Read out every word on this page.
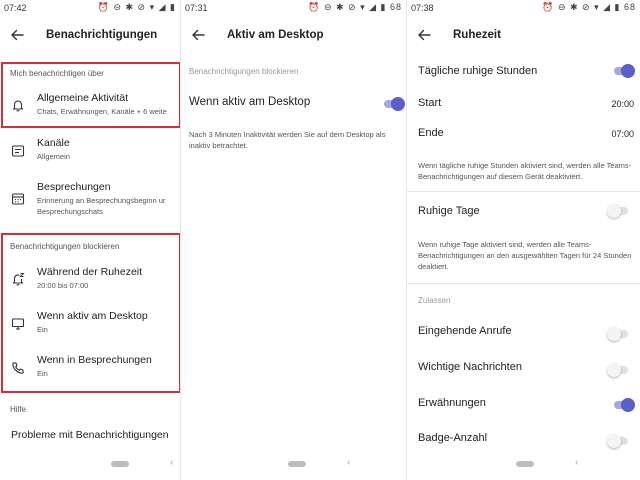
07:42	⏰ ⊖ ✱ ⊘ ▾ ◢ ▮
Benachrichtigungen
Mich benachrichtigen über
Allgemeine Aktivität
Chats, Erwähnungen, Kanäle + 6 weite
Kanäle
Allgemein
Besprechungen
Erinnerung an Besprechungsbeginn ur
Besprechungschats
Benachrichtigungen blockieren
Während der Ruhezeit
20:00 bis 07:00
Wenn aktiv am Desktop
Ein
Wenn in Besprechungen
Ein
Hilfe
Probleme mit Benachrichtigungen
‹
07:31	⏰ ⊖ ✱ ⊘ ▾ ◢ ▮ 68
Aktiv am Desktop
Benachrichtigungen blockieren
Wenn aktiv am Desktop
Nach 3 Minuten Inaktivität werden Sie auf dem Desktop als inaktiv betrachtet.
‹
07:38	⏰ ⊖ ✱ ⊘ ▾ ◢ ▮ 68
Ruhezeit
Tägliche ruhige Stunden
Start	20:00
Ende	07:00
Wenn tägliche ruhige Stunden aktiviert sind, werden alle Teams-Benachrichtigungen auf diesem Gerät deaktiviert.
Ruhige Tage
Wenn ruhige Tage aktiviert sind, werden alle Teams-Benachrichtigungen an den ausgewählten Tagen für 24 Stunden deaktiert.
Zulassen
Eingehende Anrufe
Wichtige Nachrichten
Erwähnungen
Badge-Anzahl
‹
